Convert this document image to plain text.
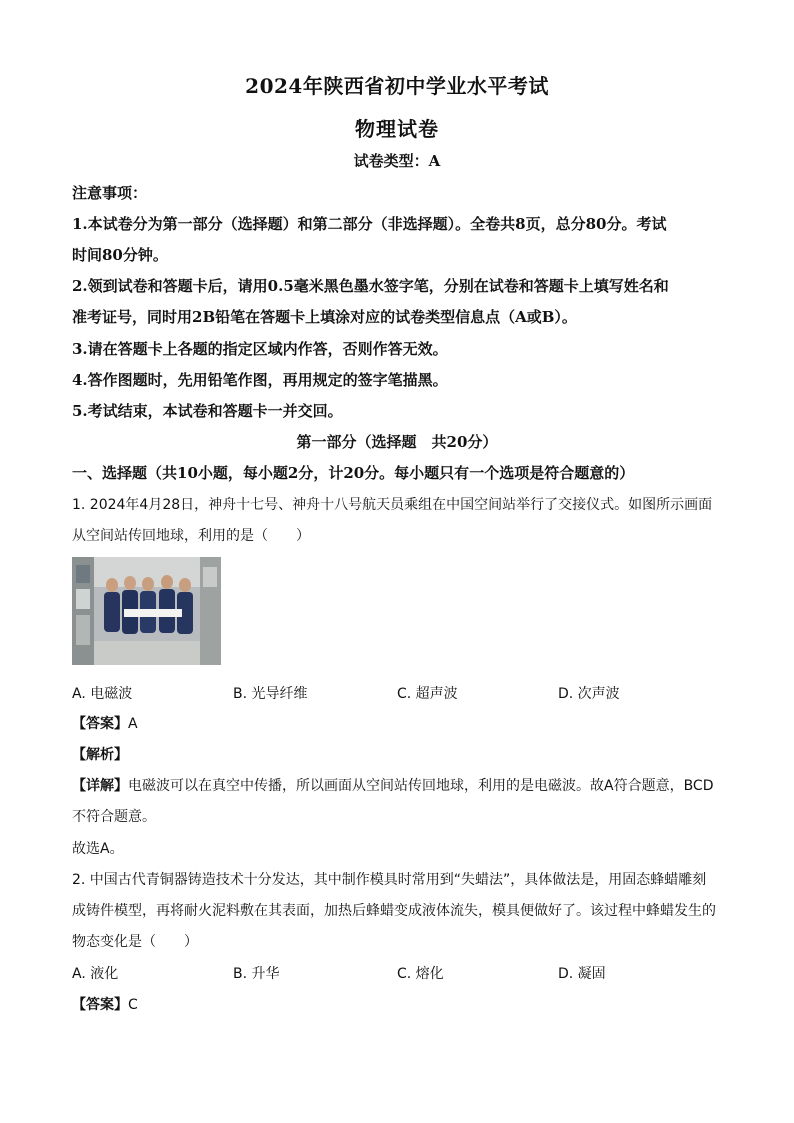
2024年陕西省初中学业水平考试
物理试卷
试卷类型：A
注意事项：
1.本试卷分为第一部分（选择题）和第二部分（非选择题）。全卷共8页，总分80分。考试
时间80分钟。
2.领到试卷和答题卡后，请用0.5毫米黑色墨水签字笔，分别在试卷和答题卡上填写姓名和
准考证号，同时用2B铅笔在答题卡上填涂对应的试卷类型信息点（A或B）。
3.请在答题卡上各题的指定区域内作答，否则作答无效。
4.答作图题时，先用铅笔作图，再用规定的签字笔描黑。
5.考试结束，本试卷和答题卡一并交回。
第一部分（选择题　共20分）
一、选择题（共10小题，每小题2分，计20分。每小题只有一个选项是符合题意的）
1. 2024年4月28日，神舟十七号、神舟十八号航天员乘组在中国空间站举行了交接仪式。如图所示画面
从空间站传回地球，利用的是（　　）
A. 电磁波	B. 光导纤维	C. 超声波	D. 次声波
【答案】A
【解析】
【详解】电磁波可以在真空中传播，所以画面从空间站传回地球，利用的是电磁波。故A符合题意，BCD
不符合题意。
故选A。
2. 中国古代青铜器铸造技术十分发达，其中制作模具时常用到“失蜡法”，具体做法是，用固态蜂蜡雕刻
成铸件模型，再将耐火泥料敷在其表面，加热后蜂蜡变成液体流失，模具便做好了。该过程中蜂蜡发生的
物态变化是（　　）
A. 液化	B. 升华	C. 熔化	D. 凝固
【答案】C
